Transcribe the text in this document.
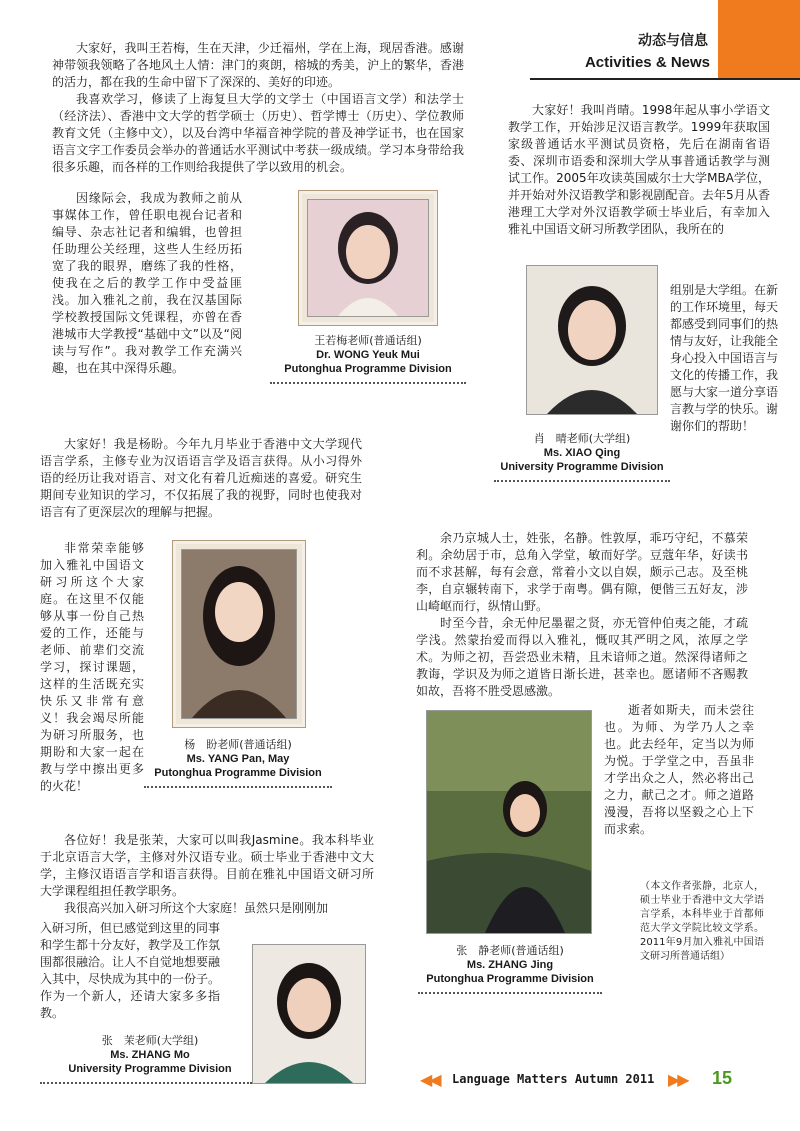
动态与信息
Activities & News

大家好，我叫王若梅，生在天津，少迁福州，学在上海，现居香港。感谢神带领我领略了各地风土人情：津门的爽朗，榕城的秀美，沪上的繁华，香港的活力，都在我的生命中留下了深深的、美好的印迹。

我喜欢学习，修读了上海复旦大学的文学士（中国语言文学）和法学士（经济法）、香港中文大学的哲学硕士（历史）、哲学博士（历史）、学位教师教育文凭（主修中文），以及台湾中华福音神学院的普及神学证书，也在国家语言文字工作委员会举办的普通话水平测试中考获一级成绩。学习本身带给我很多乐趣，而各样的工作则给我提供了学以致用的机会。

因缘际会，我成为教师之前从事媒体工作，曾任职电视台记者和编导、杂志社记者和编辑，也曾担任助理公关经理，这些人生经历拓宽了我的眼界，磨练了我的性格，使我在之后的教学工作中受益匪浅。加入雅礼之前，我在汉基国际学校教授国际文凭课程，亦曾在香港城市大学教授“基础中文”以及“阅读与写作”。我对教学工作充满兴趣，也在其中深得乐趣。

王若梅老师(普通话组)
Dr. WONG Yeuk Mui
Putonghua Programme Division

大家好！我叫肖晴。1998年起从事小学语文教学工作，开始涉足汉语言教学。1999年获取国家级普通话水平测试员资格，先后在湖南省语委、深圳市语委和深圳大学从事普通话教学与测试工作。2005年攻读英国威尔士大学MBA学位，并开始对外汉语教学和影视剧配音。去年5月从香港理工大学对外汉语教学硕士毕业后，有幸加入雅礼中国语文研习所教学团队，我所在的

组别是大学组。在新的工作环境里，每天都感受到同事们的热情与友好，让我能全身心投入中国语言与文化的传播工作，我愿与大家一道分享语言教与学的快乐。谢谢你们的帮助！

肖　晴老师(大学组)
Ms. XIAO Qing
University Programme Division

大家好！我是杨盼。今年九月毕业于香港中文大学现代语言学系，主修专业为汉语语言学及语言获得。从小习得外语的经历让我对语言、对文化有着几近痴迷的喜爱。研究生期间专业知识的学习，不仅拓展了我的视野，同时也使我对语言有了更深层次的理解与把握。

非常荣幸能够加入雅礼中国语文研习所这个大家庭。在这里不仅能够从事一份自己热爱的工作，还能与老师、前辈们交流学习，探讨课题，这样的生活既充实快乐又非常有意义！我会竭尽所能为研习所服务，也期盼和大家一起在教与学中擦出更多的火花！

杨　盼老师(普通话组)
Ms. YANG Pan, May
Putonghua Programme Division

余乃京城人士，姓张，名静。性敦厚，乖巧守纪，不慕荣利。余幼居于市，总角入学堂，敏而好学。豆蔻年华，好读书而不求甚解，每有会意，常着小文以自娱，颇示己志。及至桃李，自京辗转南下，求学于南粤。偶有隙，便偕三五好友，涉山崎岖而行，纵情山野。

时至今昔，余无仲尼墨翟之贤，亦无管仲伯夷之能，才疏学浅。然蒙抬爱而得以入雅礼，慨叹其严明之风，浓厚之学术。为师之初，吾尝恐业未精，且未谙师之道。然深得诸师之教诲，学识及为师之道皆日渐长进，甚幸也。愿诸师不吝赐教如故，吾将不胜受恩感激。

逝者如斯夫，而未尝往也。为师、为学乃人之幸也。此去经年，定当以为师为悦。于学堂之中，吾虽非才学出众之人，然必将出己之力，献己之才。师之道路漫漫，吾将以坚毅之心上下而求索。

（本文作者张静，北京人，硕士毕业于香港中文大学语言学系，本科毕业于首都师范大学文学院比较文学系。2011年9月加入雅礼中国语文研习所普通话组）
张　静老师(普通话组)
Ms. ZHANG Jing
Putonghua Programme Division

各位好！我是张茉，大家可以叫我Jasmine。我本科毕业于北京语言大学，主修对外汉语专业。硕士毕业于香港中文大学，主修汉语语言学和语言获得。目前在雅礼中国语文研习所大学课程组担任教学职务。

我很高兴加入研习所这个大家庭！虽然只是刚刚加

入研习所，但已感觉到这里的同事和学生都十分友好，教学及工作氛围都很融洽。让人不自觉地想要融入其中，尽快成为其中的一份子。作为一个新人，还请大家多多指教。

张　茉老师(大学组)
Ms. ZHANG Mo
University Programme Division
◀◀ Language Matters Autumn 2011 ▶▶ 15
